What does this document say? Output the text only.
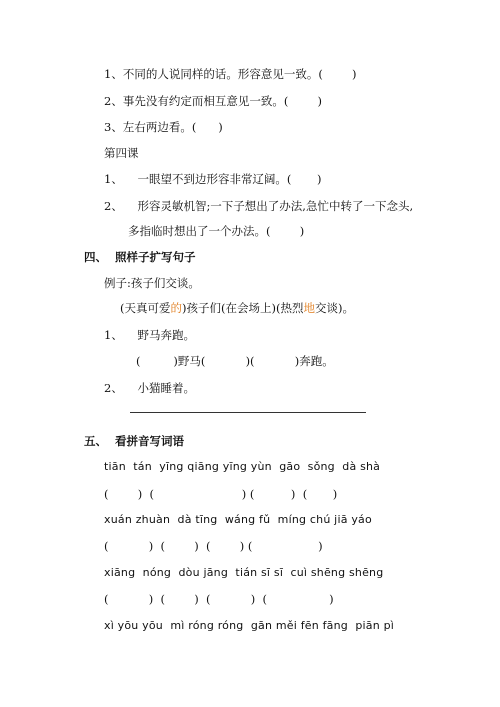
1、不同的人说同样的话。形容意见一致。(        )
2、事先没有约定而相互意见一致。(        )
3、左右两边看。(      )
第四课
1、    一眼望不到边形容非常辽阔。(       )
2、    形容灵敏机智;一下子想出了办法,急忙中转了一下念头,
多指临时想出了一个办法。(        )
四、  照样子扩写句子
例子:孩子们交谈。
(天真可爱的)孩子们(在会场上)(热烈地交谈)。
1、    野马奔跑。
(         )野马(           )(           )奔跑。
2、    小猫睡着。
五、  看拼音写词语
tiān  tán  yīng qiāng yīng yùn  gāo  sǒng  dà shà
(        )  (                        ) (          )  (       )
xuán zhuàn  dà tīng  wáng fǔ  míng chú jiā yáo
(           )  (        )  (        ) (                  )
xiāng  nóng  dòu jāng  tián sī sī  cuì shēng shēng
(           )  (        )  (           )  (                 )
xì yōu yōu  mì róng róng  gān měi fēn fāng  piān pì
